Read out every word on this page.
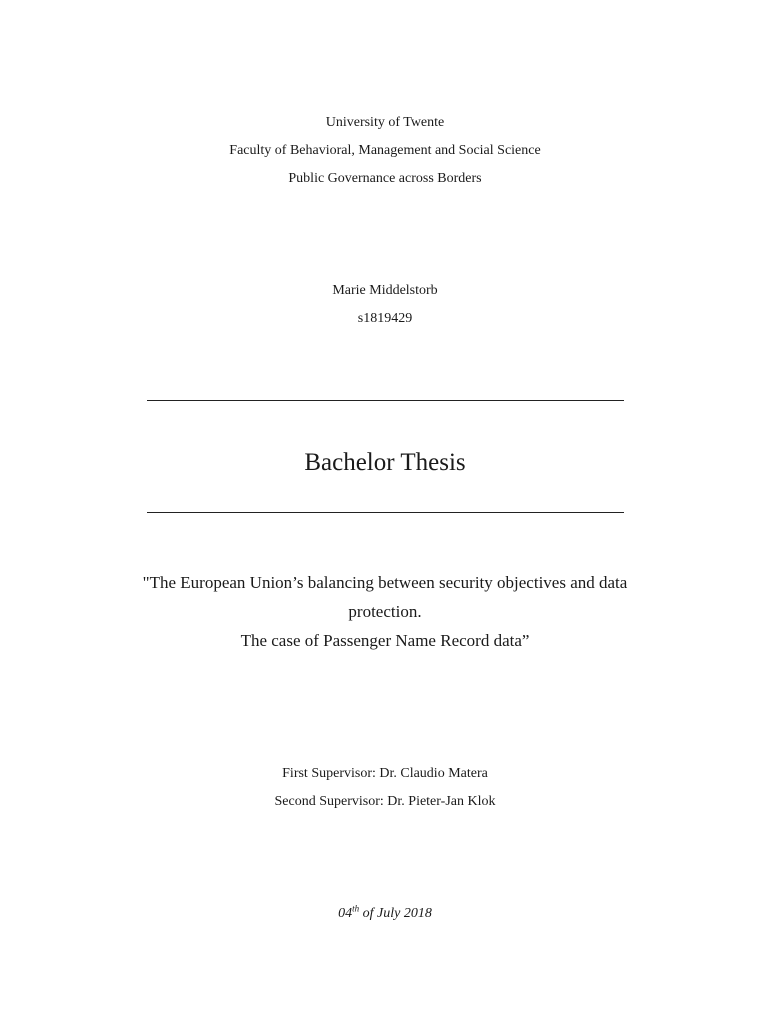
University of Twente
Faculty of Behavioral, Management and Social Science
Public Governance across Borders
Marie Middelstorb
s1819429
Bachelor Thesis
"The European Union’s balancing between security objectives and data
protection.
The case of Passenger Name Record data”
First Supervisor: Dr. Claudio Matera
Second Supervisor: Dr. Pieter-Jan Klok
04th of July 2018
